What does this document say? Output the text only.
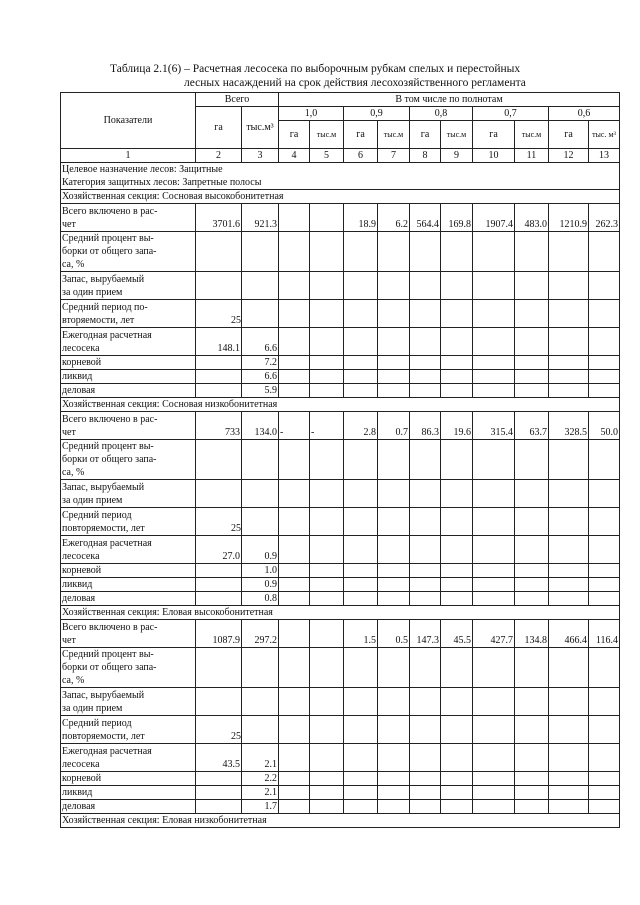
Таблица 2.1(6) – Расчетная лесосека по выборочным рубкам спелых и перестойных
лесных насаждений на срок действия лесохозяйственного регламента
Показатели	Всего		В том числе по полнотам									
	га	тыс.м³	1,0		0,9		0,8		0,7		0,6	
			га	тыс.м	га	тыс.м	га	тыс.м	га	тыс.м	га	тыс. м³
1	2	3	4	5	6	7	8	9	10	11	12	13
Целевое назначение лесов: Защитные												
Категория защитных лесов: Запретные полосы												
Хозяйственная секция: Сосновая высокобонитетная												

Всего включено в рас-
чет	3701.6	921.3			18.9	6.2	564.4	169.8	1907.4	483.0	1210.9	262.3

Средний процент вы-
борки от общего запа-
са, %												

Запас, вырубаемый
за один прием												

Средний период по-
вторяемости, лет	25											

Ежегодная расчетная
лесосека	148.1	6.6										

корневой		7.2										

ликвид		6.6										

деловая		5.9										
Хозяйственная секция: Сосновая низкобонитетная												

Всего включено в рас-
чет	733	134.0	-	-	2.8	0.7	86.3	19.6	315.4	63.7	328.5	50.0

Средний процент вы-
борки от общего запа-
са, %												

Запас, вырубаемый
за один прием												

Средний период
повторяемости, лет	25											

Ежегодная расчетная
лесосека	27.0	0.9										

корневой		1.0										

ликвид		0.9										

деловая		0.8										
Хозяйственная секция: Еловая высокобонитетная												

Всего включено в рас-
чет	1087.9	297.2			1.5	0.5	147.3	45.5	427.7	134.8	466.4	116.4

Средний процент вы-
борки от общего запа-
са, %												

Запас, вырубаемый
за один прием												

Средний период
повторяемости, лет	25											

Ежегодная расчетная
лесосека	43.5	2.1										

корневой		2.2										

ликвид		2.1										

деловая		1.7										
Хозяйственная секция: Еловая низкобонитетная												
